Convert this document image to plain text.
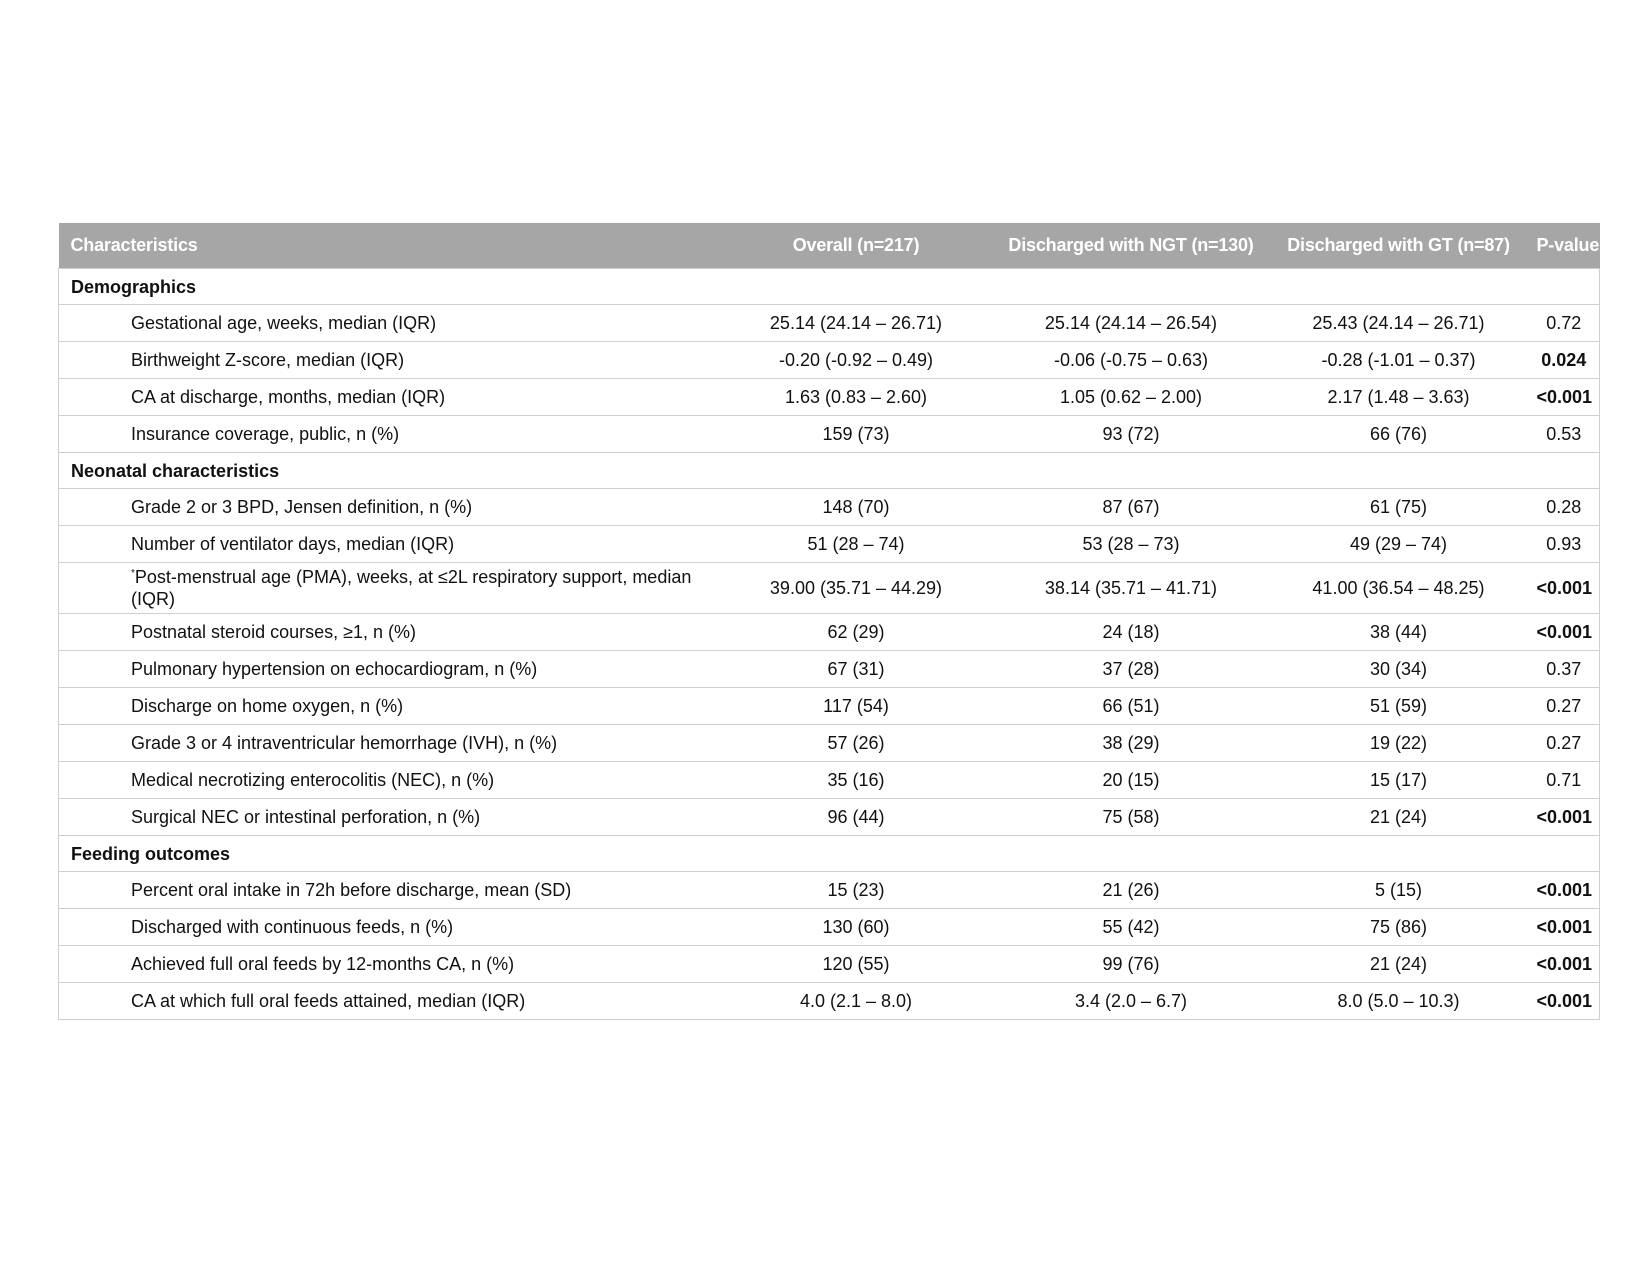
Characteristics	Overall (n=217)	Discharged with NGT (n=130)	Discharged with GT (n=87)	P-value
Demographics				
Gestational age, weeks, median (IQR)	25.14 (24.14 – 26.71)	25.14 (24.14 – 26.54)	25.43 (24.14 – 26.71)	0.72
Birthweight Z-score, median (IQR)	-0.20 (-0.92 – 0.49)	-0.06 (-0.75 – 0.63)	-0.28 (-1.01 – 0.37)	0.024
CA at discharge, months, median (IQR)	1.63 (0.83 – 2.60)	1.05 (0.62 – 2.00)	2.17 (1.48 – 3.63)	<0.001
Insurance coverage, public, n (%)	159 (73)	93 (72)	66 (76)	0.53
Neonatal characteristics				
Grade 2 or 3 BPD, Jensen definition, n (%)	148 (70)	87 (67)	61 (75)	0.28
Number of ventilator days, median (IQR)	51 (28 – 74)	53 (28 – 73)	49 (29 – 74)	0.93
*Post-menstrual age (PMA), weeks, at ≤2L respiratory support, median (IQR)	39.00 (35.71 – 44.29)	38.14 (35.71 – 41.71)	41.00 (36.54 – 48.25)	<0.001
Postnatal steroid courses, ≥1, n (%)	62 (29)	24 (18)	38 (44)	<0.001
Pulmonary hypertension on echocardiogram, n (%)	67 (31)	37 (28)	30 (34)	0.37
Discharge on home oxygen, n (%)	117 (54)	66 (51)	51 (59)	0.27
Grade 3 or 4 intraventricular hemorrhage (IVH), n (%)	57 (26)	38 (29)	19 (22)	0.27
Medical necrotizing enterocolitis (NEC), n (%)	35 (16)	20 (15)	15 (17)	0.71
Surgical NEC or intestinal perforation, n (%)	96 (44)	75 (58)	21 (24)	<0.001
Feeding outcomes				
Percent oral intake in 72h before discharge, mean (SD)	15 (23)	21 (26)	5 (15)	<0.001
Discharged with continuous feeds, n (%)	130 (60)	55 (42)	75 (86)	<0.001
Achieved full oral feeds by 12-months CA, n (%)	120 (55)	99 (76)	21 (24)	<0.001
CA at which full oral feeds attained, median (IQR)	4.0 (2.1 – 8.0)	3.4 (2.0 – 6.7)	8.0 (5.0 – 10.3)	<0.001
